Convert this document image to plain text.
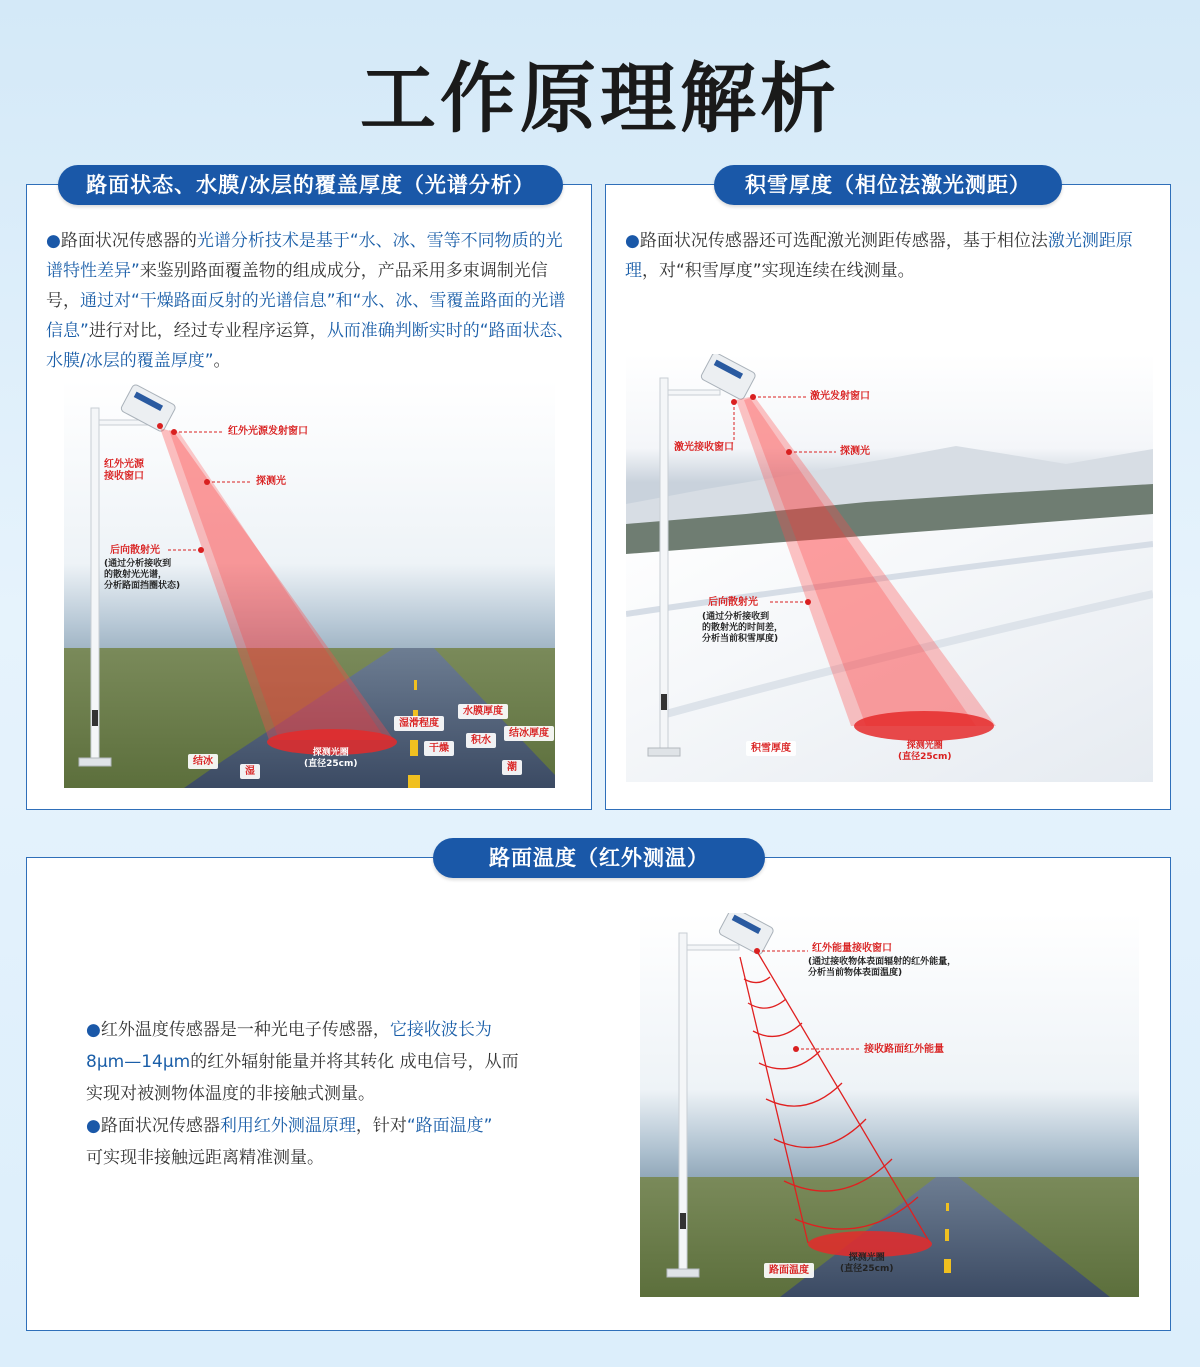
工作原理解析
路面状态、水膜/冰层的覆盖厚度（光谱分析）
●路面状况传感器的光谱分析技术是基于“水、冰、雪等不同物质的光谱特性差异”来鉴别路面覆盖物的组成成分，产品采用多束调制光信号，通过对“干燥路面反射的光谱信息”和“水、冰、雪覆盖路面的光谱信息”进行对比，经过专业程序运算，从而准确判断实时的“路面状态、水膜/冰层的覆盖厚度”。
红外光源发射窗口
红外光源
接收窗口	探测光
后向散射光
(通过分析接收到
的散射光光谱，
分析路面挡圈状态)
探测光圈
(直径25cm)
湿滑程度
水膜厚度
积水
结冰厚度
干燥
结冰
湿	潮
积雪厚度（相位法激光测距）
●路面状况传感器还可选配激光测距传感器，基于相位法激光测距原理，对“积雪厚度”实现连续在线测量。
激光发射窗口
激光接收窗口	探测光
后向散射光
(通过分析接收到
的散射光的时间差，
分析当前积雪厚度)
积雪厚度	探测光圈
(直径25cm)
路面温度（红外测温）
●红外温度传感器是一种光电子传感器，它接收波长为8μm—14μm的红外辐射能量并将其转化 成电信号，从而实现对被测物体温度的非接触式测量。
●路面状况传感器利用红外测温原理，针对“路面温度”
可实现非接触远距离精准测量。
红外能量接收窗口
(通过接收物体表面辐射的红外能量，
分析当前物体表面温度)
接收路面红外能量
路面温度
探测光圈
(直径25cm)
